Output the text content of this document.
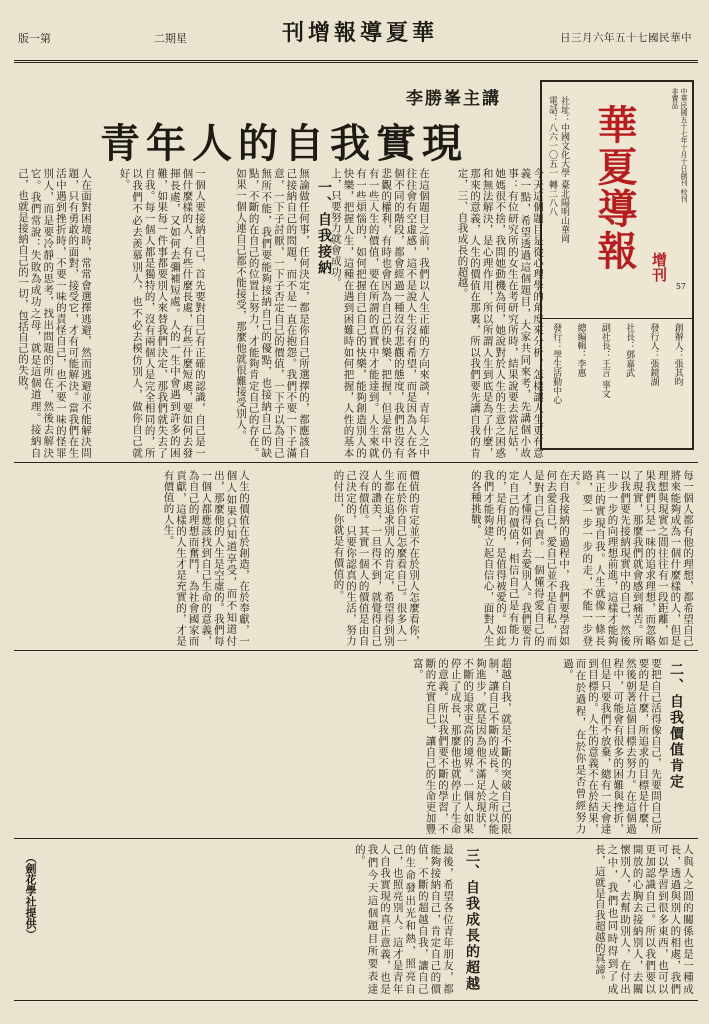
版一第	二期星	刊增報導夏華	日三月六年五十七國民華中
中華民國五十七年十月十日創刊 校刊 非賣品
華夏導報 增刊
57
社址：中國文化大學 臺北陽明山華岡
電話：八六一〇五一 轉二八八
創辦人：張其昀
發行人：張鏡湖
社長：鄧嘉武
副社長：王言 辜文
總編輯：李惠
發行：學生活動中心
李勝峯主講
青年人的自我實現
今天這個題目是從心理學的角度來分析，怎樣讓人生更有意義一點，希望透過這個題目，大家共同來考，先講個小故事：有位研究所的女生在考研究所時，結果說要去當尼姑，她媽很不捨，我問她動機為何，她說對於人生的生意之困惑和無法解決，是心理作用，所以所謂人生到底是為了什麼，那來的意義，人生的價值在那裏，所以我們要先講自我的肯定，三、自我成長的超越。
在這個題目之前，我們以人生正確的方向來談，青年人之中往往會有空虛感，這不是說人生沒有希望，而是因為人在各個不同的階段，都會經過一種沒有悲觀的態度，我們也沒有悲觀的權利，有時也會因為自己的快樂、把握，但是當中仍有一些人生的價值，要在所謂的真實中才能達到。人生來就有一些煩惱的，如何把握自己自己的快樂，能夠創造別人的快樂，把握人生，這種在遇到困難時如何把握，人性的基本上，只要努力就會成功。
一、自我接納
無論做任何事，任何決定，都是你自己所選擇的，都應該自己接納自己的問題，而不是一直在抱怨。我們不要一下子滿意，一下子討厭，一下子否定自己的價值，一下子以為自己無所不能，我們要能夠接納自己的優點，也接納自己的缺點，不斷的在自己的位置上努力，才能夠肯定自己的存在。如果一個人連自己都不能接受，那麼他就很難接受別人。
一個人要接納自己，首先要對自己有正確的認識，自己是一個什麼樣的人，有些什麼長處，有些什麼短處，要如何去發揮長處，又如何去彌補短處。人的一生中會遇到許多的困難，如果每一件事都要別人來替我們決定，那我們就失去了自我。每一個人都是獨特的，沒有兩個人是完全相同的，所以我們不必去羨慕別人，也不必去模仿別人，做你自己就好。
人在面對困境時，常常會選擇逃避，然而逃避並不能解決問題，只有勇敢的面對，接受它，才有可能解決。當我們在生活中遇到挫折時，不要一味的責怪自己，也不要一味的怪罪別人，而是要冷靜的思考，找出問題的所在，然後去解決它。我們常說：失敗為成功之母，就是這個道理。接納自己，也就是接納自己的一切，包括自己的失敗。
每一個人都有他的理想，都希望自己將來能夠成為一個什麼樣的人，但是理想與現實之間往往有一段距離，如果我們只是一味的追求理想，而忽略了現實，那麼我們就會感到痛苦。所以我們要先接納現實中的自己，然後一步一步的向理想前進，這樣才能夠真正的實現自我。人生就像一條長路，要一步一步的走，不能一步登天。
在自我接納的過程中，我們要學習如何去愛自己，愛自己並不是自私，而是對自己負責。一個懂得愛自己的人，才懂得如何去愛別人。我們要肯定自己的價值，相信自己是有能力的，是有用的，是值得被愛的。如此我們才能夠建立起自信心，面對人生的各種挑戰。
價值的肯定並不在於別人怎麼看你，而在於你自己怎麼看自己。很多人一生都在追求別人的肯定，希望得到別人的讚美，一旦得不到，就覺得自己沒有價值。其實一個人的價值是由自己決定的，只要你認真的生活，努力的付出，你就是有價值的。
人生的價值在於創造，在於奉獻，一個人如果只知道享受，而不知道付出，那麼他的人生是空虛的。我們每一個人都應該找到自己生命的意義，為自己的理想而奮鬥，為社會國家而貢獻，這樣的人生才是充實的，才是有價值的人生。
二、自我價值肯定
要把自己活得像自己，先要問自己所要的是什麼，所追求的目標是什麼，然後朝著這個目標去努力。在這個過程中，可能會有很多的困難與挫折，但是只要我們不放棄，總有一天會達到目標的。人生的意義不在於結果，而在於過程，在於你是否曾經努力過。
超越自我，就是不斷的突破自己的限制，讓自己不斷的成長。人之所以能夠進步，就是因為他不滿足於現狀，不斷的追求更高的境界。一個人如果停止了成長，那麼他也就停止了生命的意義。所以我們要不斷的學習，不斷的充實自己，讓自己的生命更加豐富。
三、自我成長的超越	人與人之間的關係也是一種成長，透過與別人的相處，我們可以學習到很多東西，也可以更加認識自己。所以我們要以開放的心胸去接納別人，去關懷別人，去幫助別人，在付出之中，我們也同時得到了成長，這就是自我超越的真諦。
最後，希望各位青年朋友，都能夠接納自己，肯定自己的價值，不斷的超越自我，讓自己的生命發出光和熱，照亮自己，也照亮別人。這才是青年人自我實現的真正意義，也是我們今天這個題目所要表達的。
（劍花學社提供）
